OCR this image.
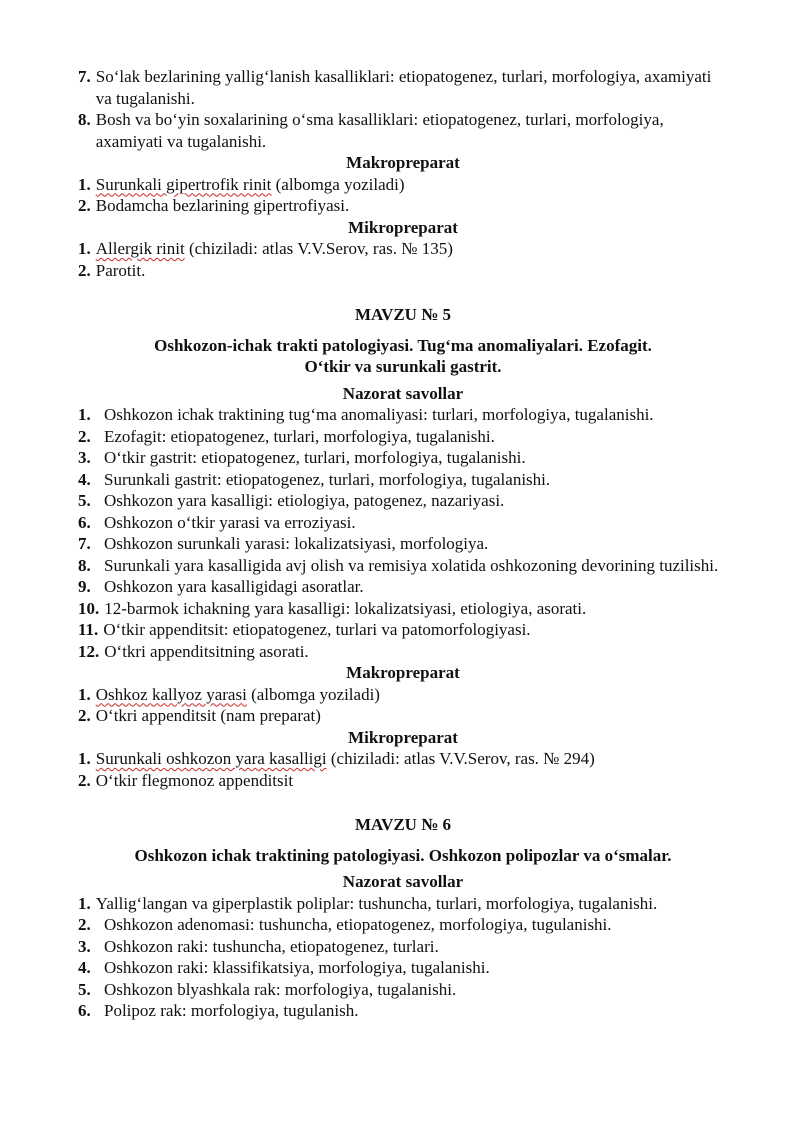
7. So‘lak bezlarining yallig‘lanish kasalliklari: etiopatogenez, turlari, morfologiya, axamiyati va tugalanishi.
8. Bosh va bo‘yin soxalarining o‘sma kasalliklari: etiopatogenez, turlari, morfologiya, axamiyati va tugalanishi.
Makropreparat
1. Surunkali gipertrofik rinit (albomga yoziladi)
2. Bodamcha bezlarining gipertrofiyasi.
Mikropreparat
1. Allergik rinit (chiziladi: atlas V.V.Serov, ras. № 135)
2. Parotit.
MAVZU № 5
Oshkozon-ichak trakti patologiyasi. Tug‘ma anomaliyalari. Ezofagit.
O‘tkir va surunkali gastrit.
Nazorat savollar
1. Oshkozon ichak traktining tug‘ma anomaliyasi: turlari, morfologiya, tugalanishi.
2. Ezofagit: etiopatogenez, turlari, morfologiya, tugalanishi.
3. O‘tkir gastrit: etiopatogenez, turlari, morfologiya, tugalanishi.
4. Surunkali gastrit: etiopatogenez, turlari, morfologiya, tugalanishi.
5. Oshkozon yara kasalligi: etiologiya, patogenez, nazariyasi.
6. Oshkozon o‘tkir yarasi va erroziyasi.
7. Oshkozon surunkali yarasi: lokalizatsiyasi, morfologiya.
8. Surunkali yara kasalligida avj olish va remisiya xolatida oshkozoning devorining tuzilishi.
9. Oshkozon yara kasalligidagi asoratlar.
10. 12-barmok ichakning yara kasalligi: lokalizatsiyasi, etiologiya, asorati.
11. O‘tkir appenditsit: etiopatogenez, turlari va patomorfologiyasi.
12. O‘tkri appenditsitning asorati.
Makropreparat
1. Oshkoz kallyoz yarasi (albomga yoziladi)
2. O‘tkri appenditsit (nam preparat)
Mikropreparat
1. Surunkali oshkozon yara kasalligi (chiziladi: atlas V.V.Serov, ras. № 294)
2. O‘tkir flegmonoz appenditsit
MAVZU № 6
Oshkozon ichak traktining patologiyasi. Oshkozon polipozlar va o‘smalar.
Nazorat savollar
1. Yallig‘langan va giperplastik poliplar: tushuncha, turlari, morfologiya, tugalanishi.
2. Oshkozon adenomasi: tushuncha, etiopatogenez, morfologiya, tugulanishi.
3. Oshkozon raki: tushuncha, etiopatogenez, turlari.
4. Oshkozon raki: klassifikatsiya, morfologiya, tugalanishi.
5. Oshkozon blyashkala rak: morfologiya, tugalanishi.
6. Polipoz rak: morfologiya, tugulanish.
